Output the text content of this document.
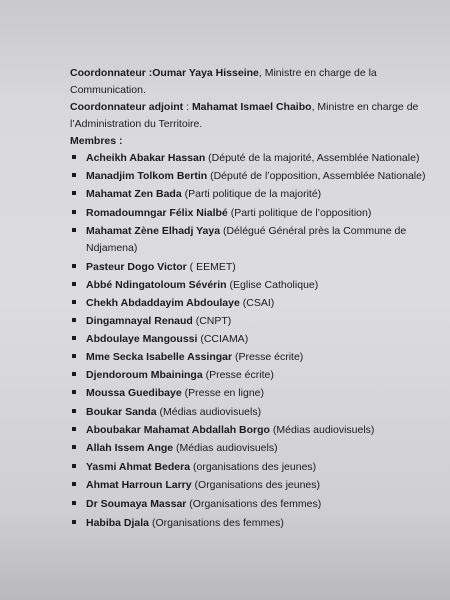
Coordonnateur :Oumar Yaya Hisseine, Ministre en charge de la
Communication.
Coordonnateur adjoint : Mahamat Ismael Chaibo, Ministre en charge de
l’Administration du Territoire.
Membres :
Acheikh Abakar Hassan (Député de la majorité, Assemblée Nationale)
Manadjim Tolkom Bertin (Député de l’opposition, Assemblée Nationale)
Mahamat Zen Bada (Parti politique de la majorité)
Romadoumngar Félix Nialbé (Parti politique de l’opposition)
Mahamat Zène Elhadj Yaya (Délégué Général près la Commune de
Ndjamena)
Pasteur Dogo Victor ( EEMET)
Abbé Ndingatoloum Sévérin (Eglise Catholique)
Chekh Abdaddayim Abdoulaye (CSAI)
Dingamnayal Renaud (CNPT)
Abdoulaye Mangoussi (CCIAMA)
Mme Secka Isabelle Assingar (Presse écrite)
Djendoroum Mbaininga (Presse écrite)
Moussa Guedibaye (Presse en ligne)
Boukar Sanda (Médias audiovisuels)
Aboubakar Mahamat Abdallah Borgo (Médias audiovisuels)
Allah Issem Ange (Médias audiovisuels)
Yasmi Ahmat Bedera (organisations des jeunes)
Ahmat Harroun Larry (Organisations des jeunes)
Dr Soumaya Massar (Organisations des femmes)
Habiba Djala (Organisations des femmes)
